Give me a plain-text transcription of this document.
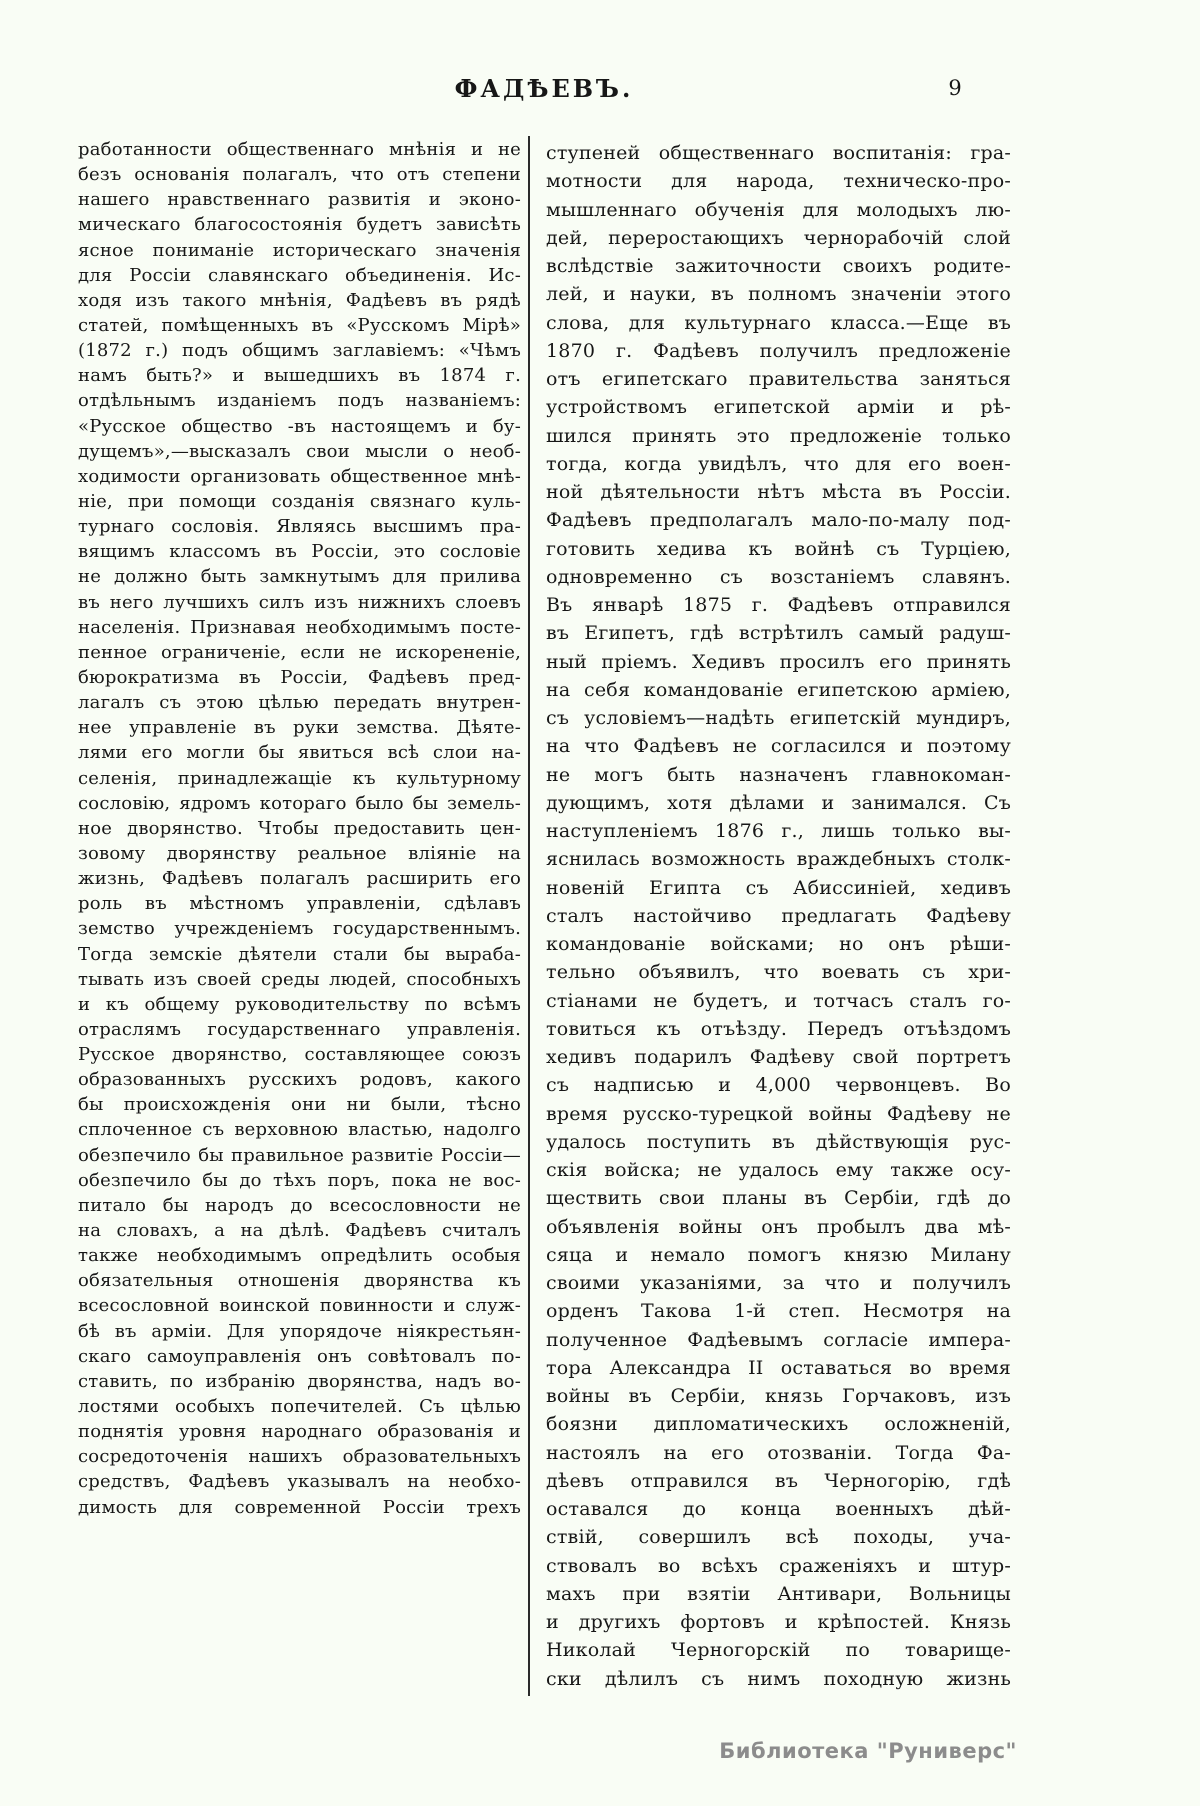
ФАДѢЕВЪ.	9
работанности общественнаго мнѣнія и не
безъ основанія полагалъ, что отъ степени
нашего нравственнаго развитія и эконо-
мическаго благосостоянія будетъ зависѣть
ясное пониманіе историческаго значенія
для Россіи славянскаго объединенія. Ис-
ходя изъ такого мнѣнія, Фадѣевъ въ рядѣ
статей, помѣщенныхъ въ «Русскомъ Мірѣ»
(1872 г.) подъ общимъ заглавіемъ: «Чѣмъ
намъ быть?» и вышедшихъ въ 1874 г.
отдѣльнымъ изданіемъ подъ названіемъ:
«Русское общество -въ настоящемъ и бу-
дущемъ»,—высказалъ свои мысли о необ-
ходимости организовать общественное мнѣ-
ніе, при помощи созданія связнаго куль-
турнаго сословія. Являясь высшимъ пра-
вящимъ классомъ въ Россіи, это сословіе
не должно быть замкнутымъ для прилива
въ него лучшихъ силъ изъ нижнихъ слоевъ
населенія. Признавая необходимымъ посте-
пенное ограниченіе, если не искорененіе,
бюрократизма въ Россіи, Фадѣевъ пред-
лагалъ съ этою цѣлью передать внутрен-
нее управленіе въ руки земства. Дѣяте-
лями его могли бы явиться всѣ слои на-
селенія, принадлежащіе къ культурному
сословію, ядромъ котораго было бы земель-
ное дворянство. Чтобы предоставить цен-
зовому дворянству реальное вліяніе на
жизнь, Фадѣевъ полагалъ расширить его
роль въ мѣстномъ управленіи, сдѣлавъ
земство учрежденіемъ государственнымъ.
Тогда земскіе дѣятели стали бы выраба-
тывать изъ своей среды людей, способныхъ
и къ общему руководительству по всѣмъ
отраслямъ государственнаго управленія.
Русское дворянство, составляющее союзъ
образованныхъ русскихъ родовъ, какого
бы происхожденія они ни были, тѣсно
сплоченное съ верховною властью, надолго
обезпечило бы правильное развитіе Россіи—
обезпечило бы до тѣхъ поръ, пока не вос-
питало бы народъ до всесословности не
на словахъ, а на дѣлѣ. Фадѣевъ считалъ
также необходимымъ опредѣлить особыя
обязательныя отношенія дворянства къ
всесословной воинской повинности и служ-
бѣ въ арміи. Для упорядоче ніякрестьян-
скаго самоуправленія онъ совѣтовалъ по-
ставить, по избранію дворянства, надъ во-
лостями особыхъ попечителей. Съ цѣлью
поднятія уровня народнаго образованія и
сосредоточенія нашихъ образовательныхъ
средствъ, Фадѣевъ указывалъ на необхо-
димость для современной Россіи трехъ
ступеней общественнаго воспитанія: гра-
мотности для народа, техническо-про-
мышленнаго обученія для молодыхъ лю-
дей, переростающихъ чернорабочій слой
вслѣдствіе зажиточности своихъ родите-
лей, и науки, въ полномъ значеніи этого
слова, для культурнаго класса.—Еще въ
1870 г. Фадѣевъ получилъ предложеніе
отъ египетскаго правительства заняться
устройствомъ египетской арміи и рѣ-
шился принять это предложеніе только
тогда, когда увидѣлъ, что для его воен-
ной дѣятельности нѣтъ мѣста въ Россіи.
Фадѣевъ предполагалъ мало-по-малу под-
готовить хедива къ войнѣ съ Турціею,
одновременно съ возстаніемъ славянъ.
Въ январѣ 1875 г. Фадѣевъ отправился
въ Египетъ, гдѣ встрѣтилъ самый радуш-
ный пріемъ. Хедивъ просилъ его принять
на себя командованіе египетскою арміею,
съ условіемъ—надѣть египетскій мундиръ,
на что Фадѣевъ не согласился и поэтому
не могъ быть назначенъ главнокоман-
дующимъ, хотя дѣлами и занимался. Съ
наступленіемъ 1876 г., лишь только вы-
яснилась возможность враждебныхъ столк-
новеній Египта съ Абиссиніей, хедивъ
сталъ настойчиво предлагать Фадѣеву
командованіе войсками; но онъ рѣши-
тельно объявилъ, что воевать съ хри-
стіанами не будетъ, и тотчасъ сталъ го-
товиться къ отъѣзду. Передъ отъѣздомъ
хедивъ подарилъ Фадѣеву свой портретъ
съ надписью и 4,000 червонцевъ. Во
время русско-турецкой войны Фадѣеву не
удалось поступить въ дѣйствующія рус-
скія войска; не удалось ему также осу-
ществить свои планы въ Сербіи, гдѣ до
объявленія войны онъ пробылъ два мѣ-
сяца и немало помогъ князю Милану
своими указаніями, за что и получилъ
орденъ Такова 1-й степ. Несмотря на
полученное Фадѣевымъ согласіе импера-
тора Александра II оставаться во время
войны въ Сербіи, князь Горчаковъ, изъ
боязни дипломатическихъ осложненій,
настоялъ на его отозваніи. Тогда Фа-
дѣевъ отправился въ Черногорію, гдѣ
оставался до конца военныхъ дѣй-
ствій, совершилъ всѣ походы, уча-
ствовалъ во всѣхъ сраженіяхъ и штур-
махъ при взятіи Антивари, Вольницы
и другихъ фортовъ и крѣпостей. Князь
Николай Черногорскій по товарище-
ски дѣлилъ съ нимъ походную жизнь
Библиотека "Руниверс"
